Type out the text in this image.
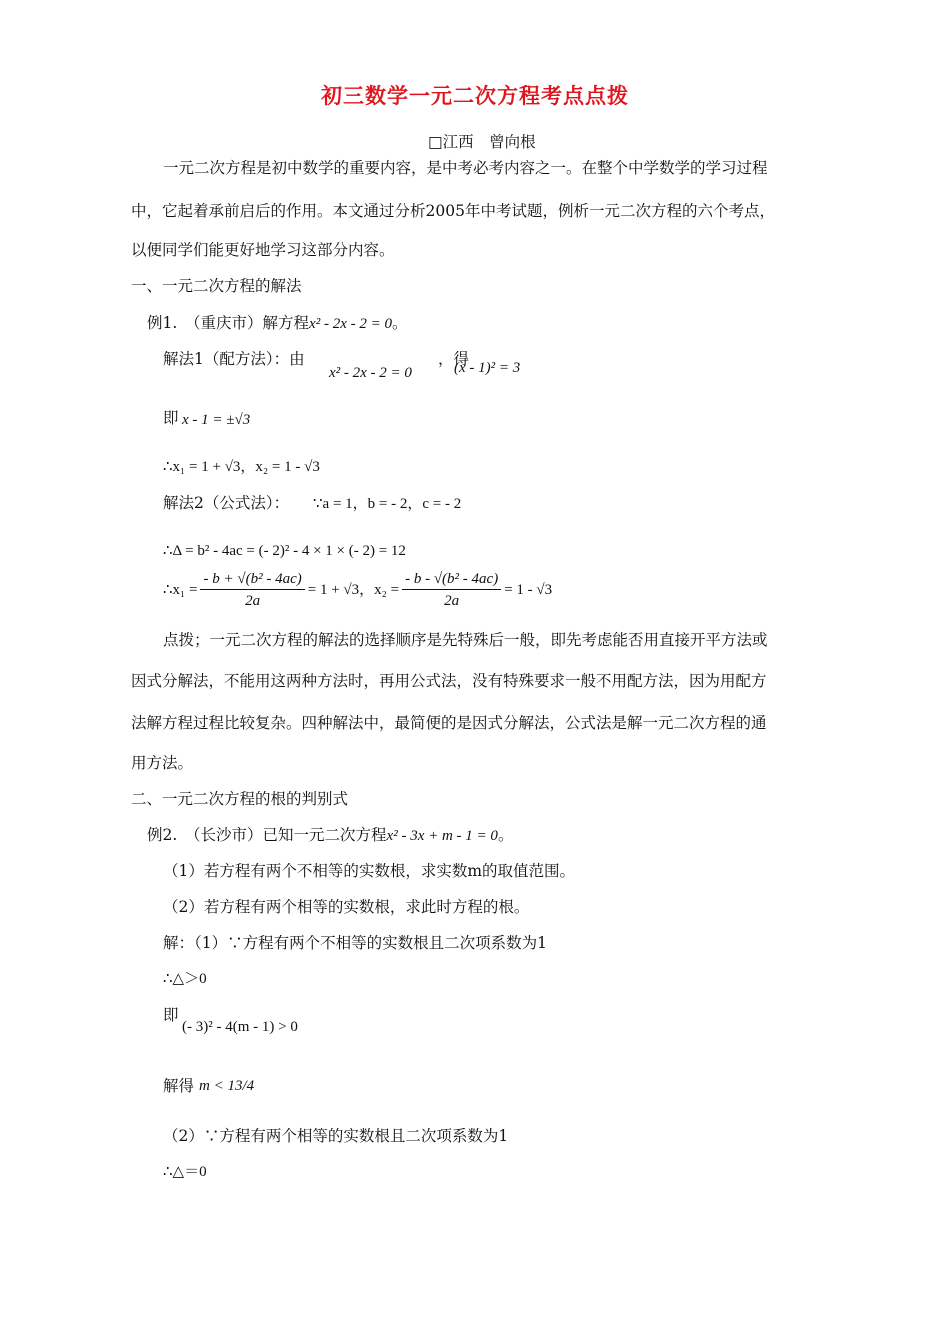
初三数学一元二次方程考点点拨
□江西　曾向根
一元二次方程是初中数学的重要内容，是中考必考内容之一。在整个中学数学的学习过程
中，它起着承前启后的作用。本文通过分析2005年中考试题，例析一元二次方程的六个考点，
以便同学们能更好地学习这部分内容。
一、一元二次方程的解法
例1.　（重庆市）解方程x² - 2x - 2 = 0。
解法1（配方法）：由
x² - 2x - 2 = 0
，得
(x - 1)² = 3
即 x - 1 = ±√3
∴x₁ = 1 + √3，x₂ = 1 - √3
解法2（公式法）： ∵a = 1，b = - 2，c = - 2
∴Δ = b² - 4ac = (- 2)² - 4 × 1 × (- 2) = 12
∴x₁ = $\frac{\text{- b + √(b² - 4ac)}}{2a} = 1 + √3$，$x_2 = \frac{\text{- b - √(b² - 4ac)}}{2a} = 1 - √3$
点拨；一元二次方程的解法的选择顺序是先特殊后一般，即先考虑能否用直接开平方法或
因式分解法，不能用这两种方法时，再用公式法，没有特殊要求一般不用配方法，因为用配方
法解方程过程比较复杂。四种解法中，最简便的是因式分解法，公式法是解一元二次方程的通
用方法。
二、一元二次方程的根的判别式
例2.　（长沙市）已知一元二次方程x² - 3x + m - 1 = 0。
（1）若方程有两个不相等的实数根，求实数m的取值范围。
（2）若方程有两个相等的实数根，求此时方程的根。
解：（1）∵方程有两个不相等的实数根且二次项系数为1
∴△＞0
即
(- 3)² - 4(m - 1) > 0
解得 m < 13/4
（2）∵方程有两个相等的实数根且二次项系数为1
∴△＝0
